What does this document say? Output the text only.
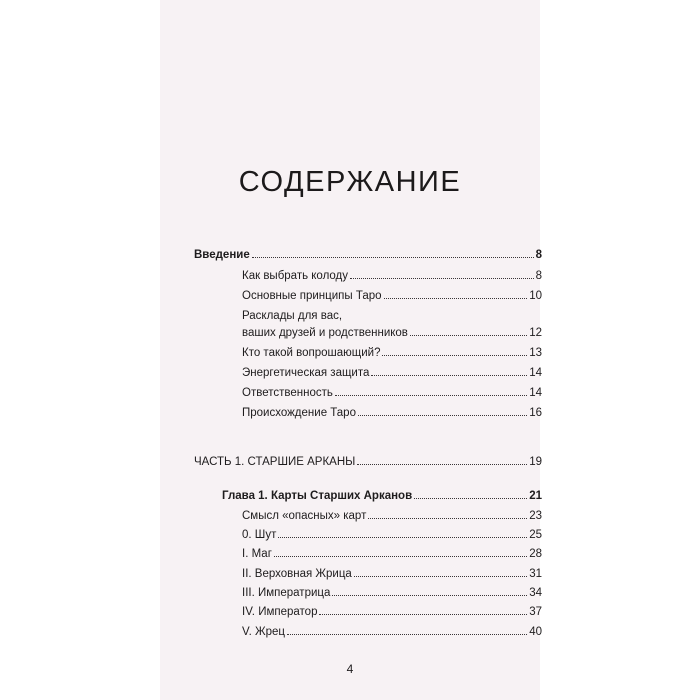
СОДЕРЖАНИЕ
Введение	8
Как выбрать колоду	8
Основные принципы Таро	10
Расклады для вас,
ваших друзей и родственников	12
Кто такой вопрошающий?	13
Энергетическая защита	14
Ответственность	14
Происхождение Таро	16
ЧАСТЬ 1. СТАРШИЕ АРКАНЫ	19
Глава 1. Карты Старших Арканов	21
Смысл «опасных» карт	23
0. Шут	25
I. Маг	28
II. Верховная Жрица	31
III. Императрица	34
IV. Император	37
V. Жрец	40
4
